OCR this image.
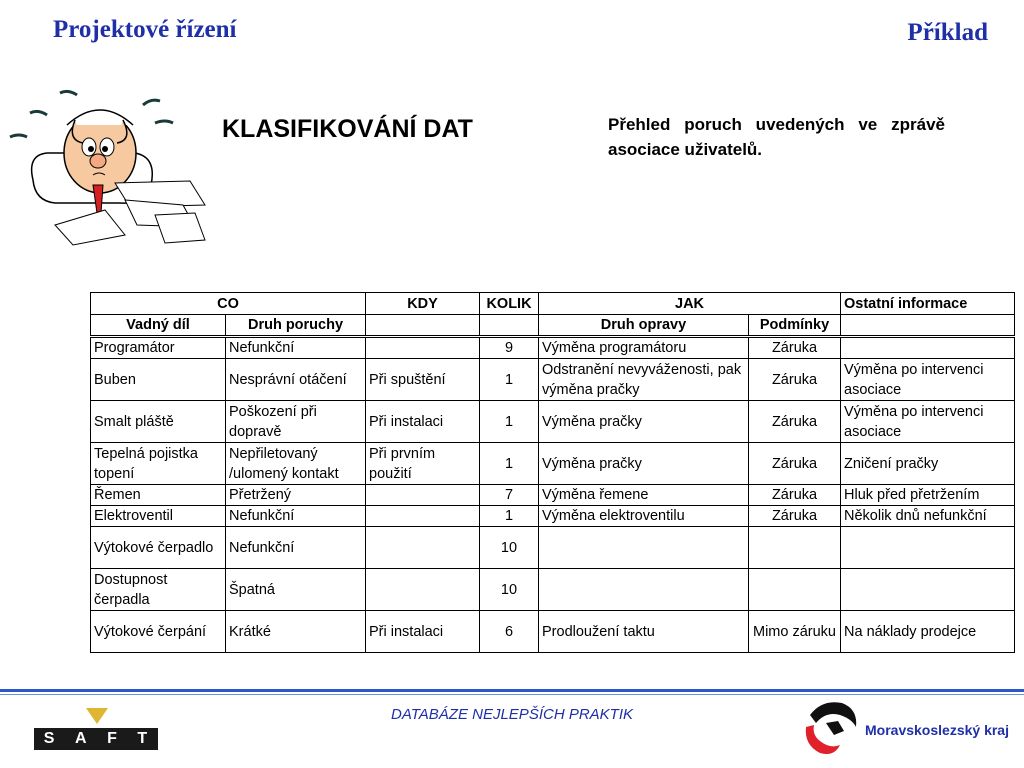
Projektové řízení	Příklad
KLASIFIKOVÁNÍ DAT	Přehled poruch uvedených ve zprávě asociace uživatelů.
CO		KDY	KOLIK	JAK		Ostatní informace
Vadný díl	Druh poruchy			Druh opravy	Podmínky	
Programátor	Nefunkční		9	Výměna programátoru	Záruka	
Buben	Nesprávní otáčení	Při spuštění	1	Odstranění nevyváženosti, pak výměna pračky	Záruka	Výměna po intervenci asociace
Smalt pláště	Poškození při dopravě	Při instalaci	1	Výměna pračky	Záruka	Výměna po intervenci asociace
Tepelná pojistka topení	Nepřiletovaný /ulomený kontakt	Při prvním použití	1	Výměna pračky	Záruka	Zničení pračky
Řemen	Přetržený		7	Výměna řemene	Záruka	Hluk před přetržením
Elektroventil	Nefunkční		1	Výměna elektroventilu	Záruka	Několik dnů nefunkční
Výtokové čerpadlo	Nefunkční		10			
Dostupnost čerpadla	Špatná		10			
Výtokové čerpání	Krátké	Při instalaci	6	Prodloužení taktu	Mimo záruku	Na náklady prodejce
DATABÁZE NEJLEPŠÍCH PRAKTIK
S A F T	Moravskoslezský kraj
